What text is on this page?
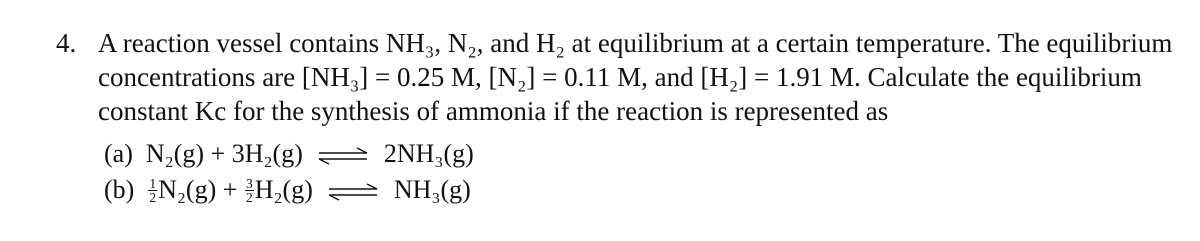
4. A reaction vessel contains NH₃, N₂, and H₂ at equilibrium at a certain temperature. The equilibrium
concentrations are [NH₃] = 0.25 M, [N₂] = 0.11 M, and [H₂] = 1.91 M. Calculate the equilibrium
constant Kc for the synthesis of ammonia if the reaction is represented as
(a) N₂(g) + 3H₂(g) ⇌ 2NH₃(g)
$(b) \frac{1}{2} N_2(g) + \frac{3}{2} H_2(g)$ ⇌ NH₃(g)
